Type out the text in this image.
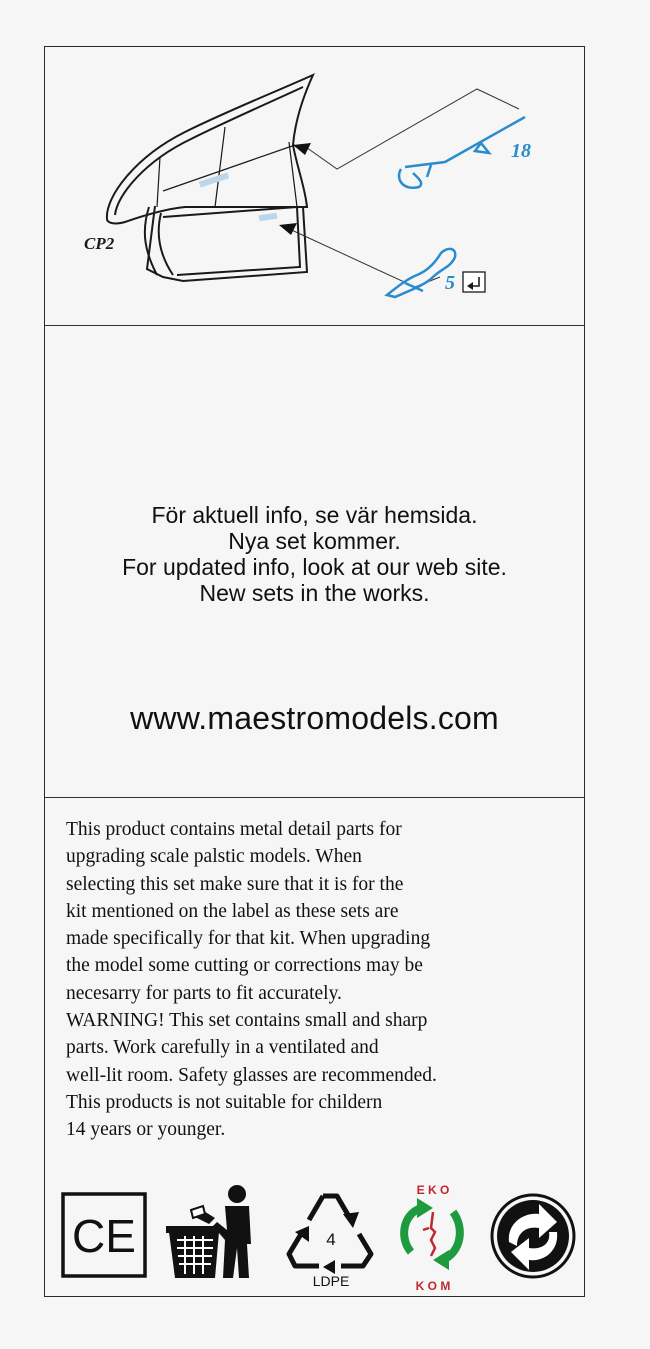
CP2
18
5
För aktuell info, se vär hemsida.
Nya set kommer.
For updated info, look at our web site.
New sets in the works.
www.maestromodels.com
This product contains metal detail parts for
upgrading scale palstic models. When
selecting this set make sure that it is for the
kit mentioned on the label as these sets are
made specifically for that kit. When upgrading
the model some cutting or corrections may be
necesarry for parts to fit accurately.
WARNING! This set contains small and sharp
parts. Work carefully in a ventilated and
well-lit room. Safety glasses are recommended.
This products is not suitable for childern
14 years or younger.
CE	4
LDPE
E K O
K O M
